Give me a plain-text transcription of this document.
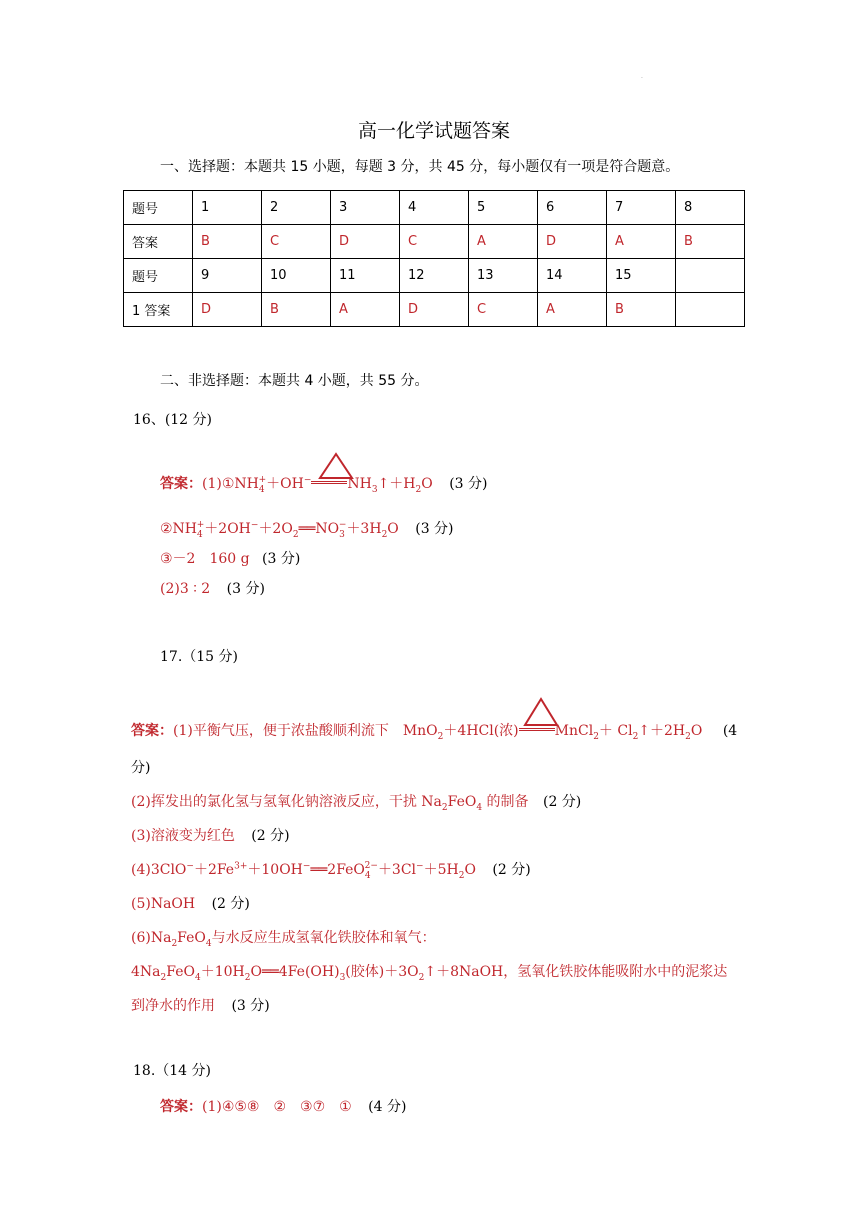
.
高一化学试题答案
一、选择题：本题共 15 小题，每题 3 分，共 45 分，每小题仅有一项是符合题意。
题号	1	2	3	4	5	6	7	8
答案	B	C	D	C	A	D	A	B
题号	9	10	11	12	13	14	15	
1 答案	D	B	A	D	C	A	B	
二、非选择题：本题共 4 小题，共 55 分。
16、(12 分)
答案：$(1)①NH_4^++OH^-$	$NH_3↑+H_2O$ (3 分)
$②NH_4^++2OH^-+2O_2══NO_3^-+3H_2O$ (3 分)
③－2　160 g (3 分)
(2)3 ∶ 2 (3 分)
17.（15 分)
答案：(1)平衡气压，便于浓盐酸顺利流下　MnO$_2$＋4HCl(浓)	MnCl$_2$＋ $Cl_2↑+2H_2O$ (4
分)
(2)挥发出的氯化氢与氢氧化钠溶液反应，干扰 $Na_2FeO_4$ 的制备 (2 分)
(3)溶液变为红色 (2 分)
$(4)3ClO^-+2Fe^{3+}+10OH^-══2FeO_4^{2-}+3Cl^-+5H_2O$ (2 分)
(5)NaOH (2 分)
$(6)Na_2FeO_4$与水反应生成氢氧化铁胶体和氧气：
$4Na_2FeO_4+10H_2O══4Fe(OH)_3$(胶体)$+3O_2↑+8NaOH$，氢氧化铁胶体能吸附水中的泥浆达
到净水的作用 (3 分)
18.（14 分)
答案：(1)④⑤⑧　②　③⑦　① (4 分)
